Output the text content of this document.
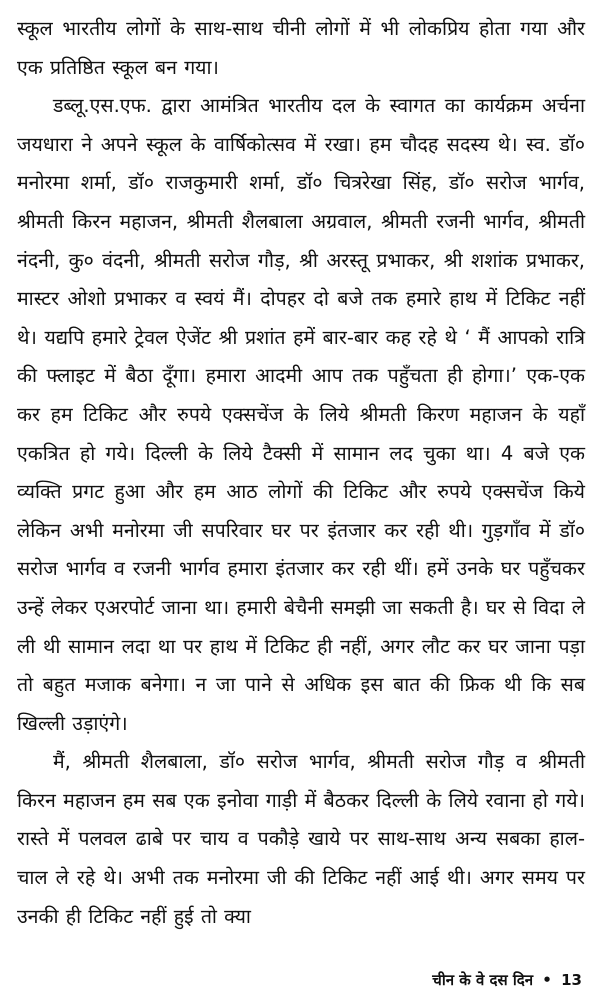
स्कूल भारतीय लोगों के साथ-साथ चीनी लोगों में भी लोकप्रिय होता गया और एक प्रतिष्ठित स्कूल बन गया।

डब्लू.एस.एफ. द्वारा आमंत्रित भारतीय दल के स्वागत का कार्यक्रम अर्चना जयधारा ने अपने स्कूल के वार्षिकोत्सव में रखा। हम चौदह सदस्य थे। स्व. डॉ० मनोरमा शर्मा, डॉ० राजकुमारी शर्मा, डॉ० चित्ररेखा सिंह, डॉ० सरोज भार्गव, श्रीमती किरन महाजन, श्रीमती शैलबाला अग्रवाल, श्रीमती रजनी भार्गव, श्रीमती नंदनी, कु० वंदनी, श्रीमती सरोज गौड़, श्री अरस्तू प्रभाकर, श्री शशांक प्रभाकर, मास्टर ओशो प्रभाकर व स्वयं मैं। दोपहर दो बजे तक हमारे हाथ में टिकिट नहीं थे। यद्यपि हमारे ट्रेवल ऐजेंट श्री प्रशांत हमें बार-बार कह रहे थे ‘ मैं आपको रात्रि की फ्लाइट में बैठा दूँगा। हमारा आदमी आप तक पहुँचता ही होगा।’ एक-एक कर हम टिकिट और रुपये एक्सचेंज के लिये श्रीमती किरण महाजन के यहाँ एकत्रित हो गये। दिल्ली के लिये टैक्सी में सामान लद चुका था। 4 बजे एक व्यक्ति प्रगट हुआ और हम आठ लोगों की टिकिट और रुपये एक्सचेंज किये लेकिन अभी मनोरमा जी सपरिवार घर पर इंतजार कर रही थी। गुड़गाँव में डॉ० सरोज भार्गव व रजनी भार्गव हमारा इंतजार कर रही थीं। हमें उनके घर पहुँचकर उन्हें लेकर एअरपोर्ट जाना था। हमारी बेचैनी समझी जा सकती है। घर से विदा ले ली थी सामान लदा था पर हाथ में टिकिट ही नहीं, अगर लौट कर घर जाना पड़ा तो बहुत मजाक बनेगा। न जा पाने से अधिक इस बात की फ्रिक थी कि सब खिल्ली उड़ाएंगे।

मैं, श्रीमती शैलबाला, डॉ० सरोज भार्गव, श्रीमती सरोज गौड़ व श्रीमती किरन महाजन हम सब एक इनोवा गाड़ी में बैठकर दिल्ली के लिये रवाना हो गये। रास्ते में पलवल ढाबे पर चाय व पकौड़े खाये पर साथ-साथ अन्य सबका हाल-चाल ले रहे थे। अभी तक मनोरमा जी की टिकिट नहीं आई थी। अगर समय पर उनकी ही टिकिट नहीं हुई तो क्या

चीन के वे दस दिन • 13
